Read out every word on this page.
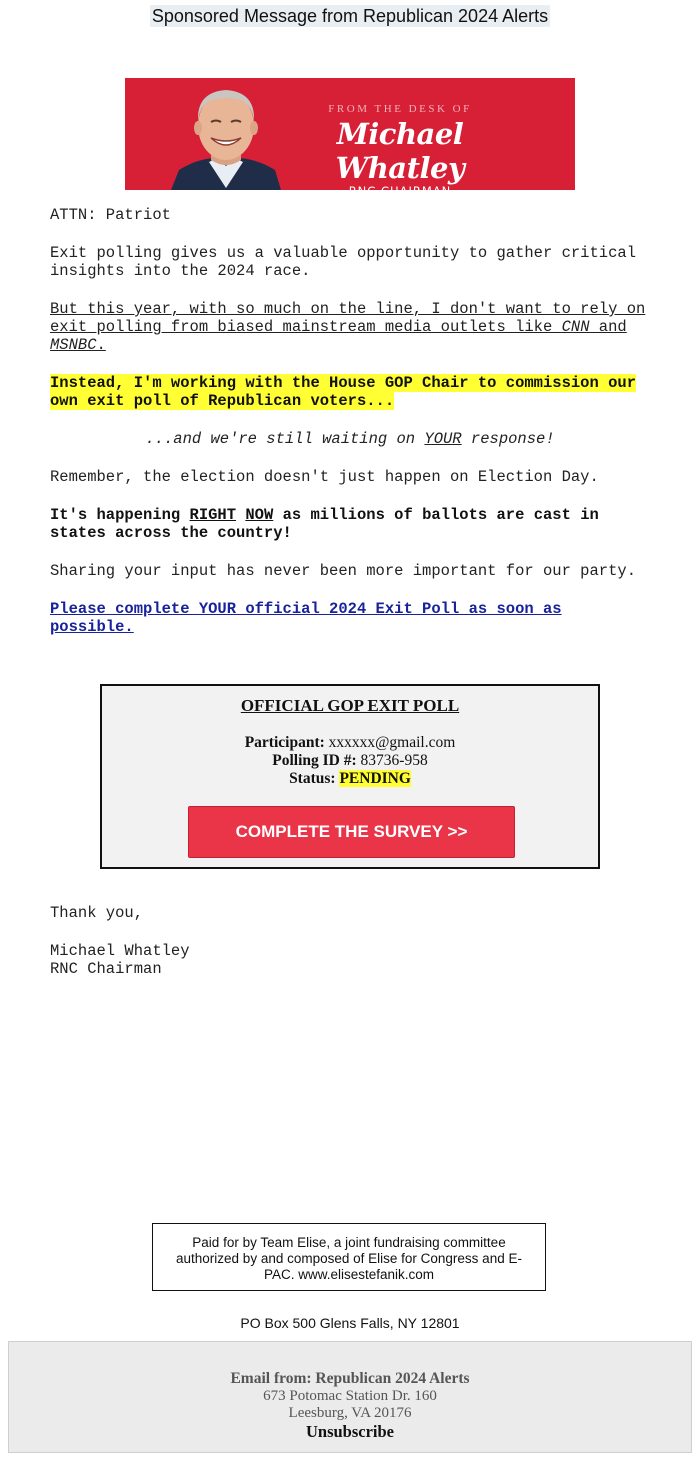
Sponsored Message from Republican 2024 Alerts
FROM THE DESK OF
Michael Whatley
RNC CHAIRMAN

ATTN: Patriot

Exit polling gives us a valuable opportunity to gather critical insights into the 2024 race.

But this year, with so much on the line, I don't want to rely on exit polling from biased mainstream media outlets like CNN and MSNBC.

Instead, I'm working with the House GOP Chair to commission our own exit poll of Republican voters...

...and we're still waiting on YOUR response!

Remember, the election doesn't just happen on Election Day.

It's happening RIGHT NOW as millions of ballots are cast in states across the country!

Sharing your input has never been more important for our party.

Please complete YOUR official 2024 Exit Poll as soon as possible.

OFFICIAL GOP EXIT POLL
Participant: xxxxxx@gmail.com
Polling ID #: 83736-958
Status: PENDING
COMPLETE THE SURVEY >>

Thank you,

Michael Whatley
RNC Chairman
Paid for by Team Elise, a joint fundraising committee authorized by and composed of Elise for Congress and E-PAC. www.elisestefanik.com
PO Box 500 Glens Falls, NY 12801
Email from: Republican 2024 Alerts
673 Potomac Station Dr. 160
Leesburg, VA 20176
Unsubscribe
